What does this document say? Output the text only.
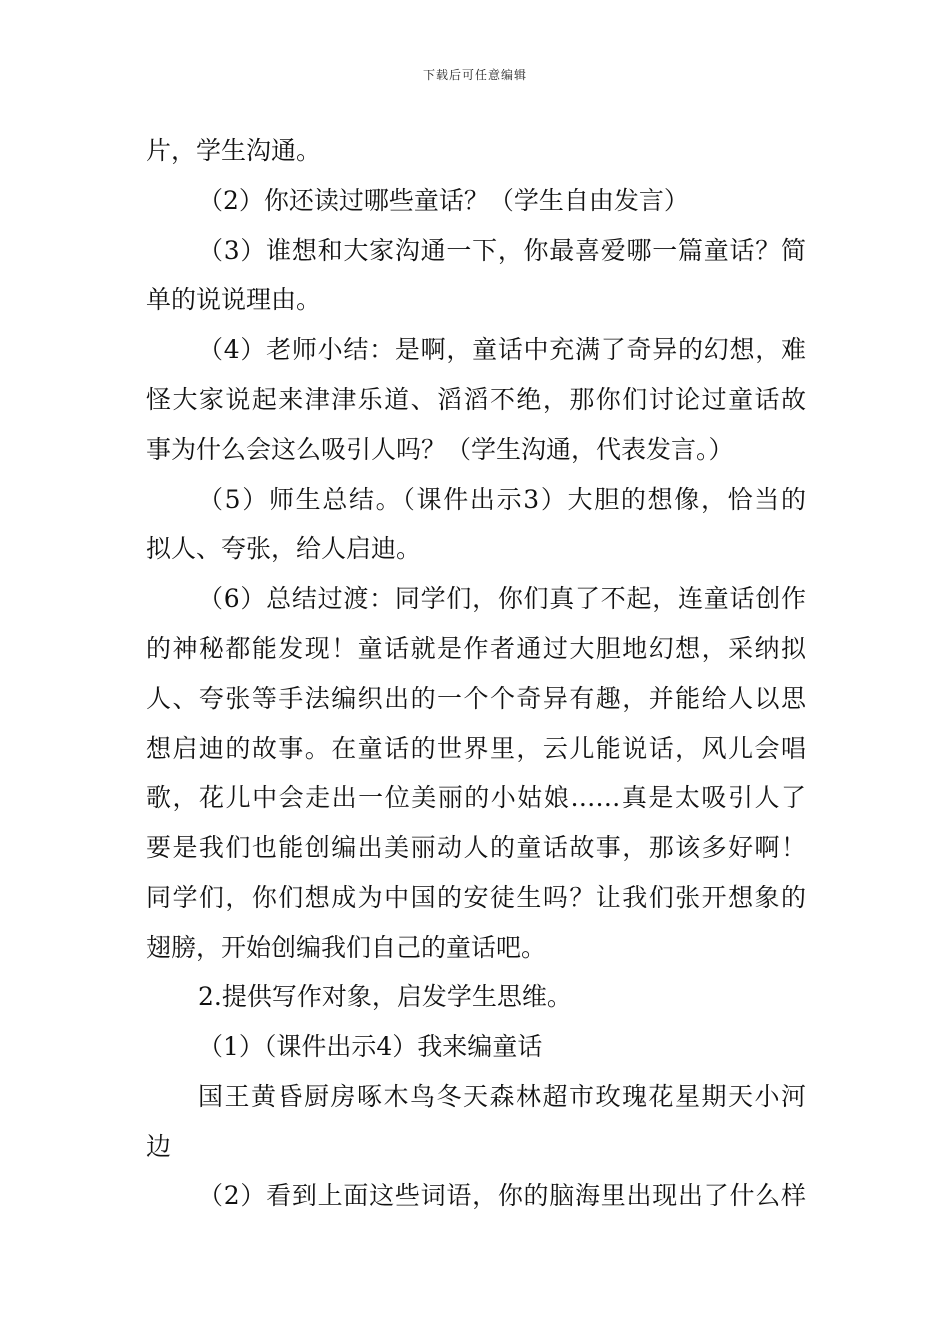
下载后可任意编辑
片，学生沟通。
（2）你还读过哪些童话？（学生自由发言）
（3）谁想和大家沟通一下，你最喜爱哪一篇童话？简
单的说说理由。
（4）老师小结：是啊，童话中充满了奇异的幻想，难
怪大家说起来津津乐道、滔滔不绝，那你们讨论过童话故
事为什么会这么吸引人吗？（学生沟通，代表发言。）
（5）师生总结。（课件出示3）大胆的想像，恰当的
拟人、夸张，给人启迪。
（6）总结过渡：同学们，你们真了不起，连童话创作
的神秘都能发现！童话就是作者通过大胆地幻想，采纳拟
人、夸张等手法编织出的一个个奇异有趣，并能给人以思
想启迪的故事。在童话的世界里，云儿能说话，风儿会唱
歌，花儿中会走出一位美丽的小姑娘……真是太吸引人了
要是我们也能创编出美丽动人的童话故事，那该多好啊！
同学们，你们想成为中国的安徒生吗？让我们张开想象的
翅膀，开始创编我们自己的童话吧。
2.提供写作对象，启发学生思维。
（1）（课件出示4）我来编童话
国王黄昏厨房啄木鸟冬天森林超市玫瑰花星期天小河
边
（2）看到上面这些词语，你的脑海里出现出了什么样
